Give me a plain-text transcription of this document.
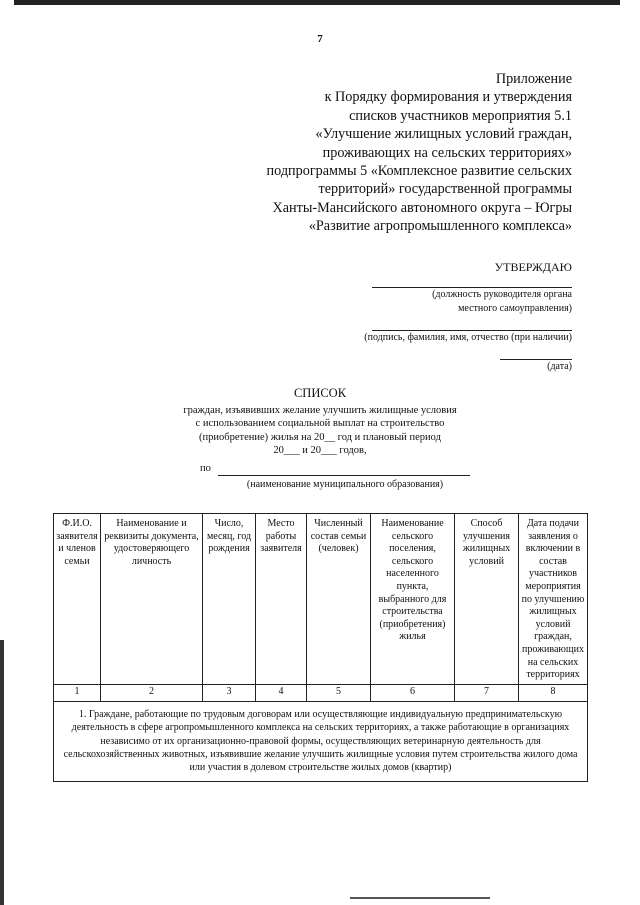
7
Приложение
к Порядку формирования и утверждения
списков участников мероприятия 5.1
«Улучшение жилищных условий граждан,
проживающих на сельских территориях»
подпрограммы 5 «Комплексное развитие сельских
территорий» государственной программы
Ханты-Мансийского автономного округа – Югры
«Развитие агропромышленного комплекса»
УТВЕРЖДАЮ
(должность руководителя органа
местного самоуправления)
(подпись, фамилия, имя, отчество (при наличии)
(дата)
СПИСОК
граждан, изъявивших желание улучшить жилищные условия
с использованием социальной выплат на строительство
(приобретение) жилья на 20__ год и плановый период
20___ и 20___ годов,
по
(наименование муниципального образования)
Ф.И.О. заявителя и членов семьи	Наименование и реквизиты документа, удостоверяющего личность	Число, месяц, год рождения	Место работы заявителя	Численный состав семьи (человек)	Наименование сельского поселения, сельского населенного пункта, выбранного для строительства (приобретения) жилья	Способ улучшения жилищных условий	Дата подачи заявления о включении в состав участников мероприятия по улучшению жилищных условий граждан, проживающих на сельских территориях
1	2	3	4	5	6	7	8
1. Граждане, работающие по трудовым договорам или осуществляющие индивидуальную предпринимательскую деятельность в сфере агропромышленного комплекса на сельских территориях, а также работающие в организациях независимо от их организационно-правовой формы, осуществляющих ветеринарную деятельность для сельскохозяйственных животных, изъявившие желание улучшить жилищные условия путем строительства жилого дома или участия в долевом строительстве жилых домов (квартир)							
